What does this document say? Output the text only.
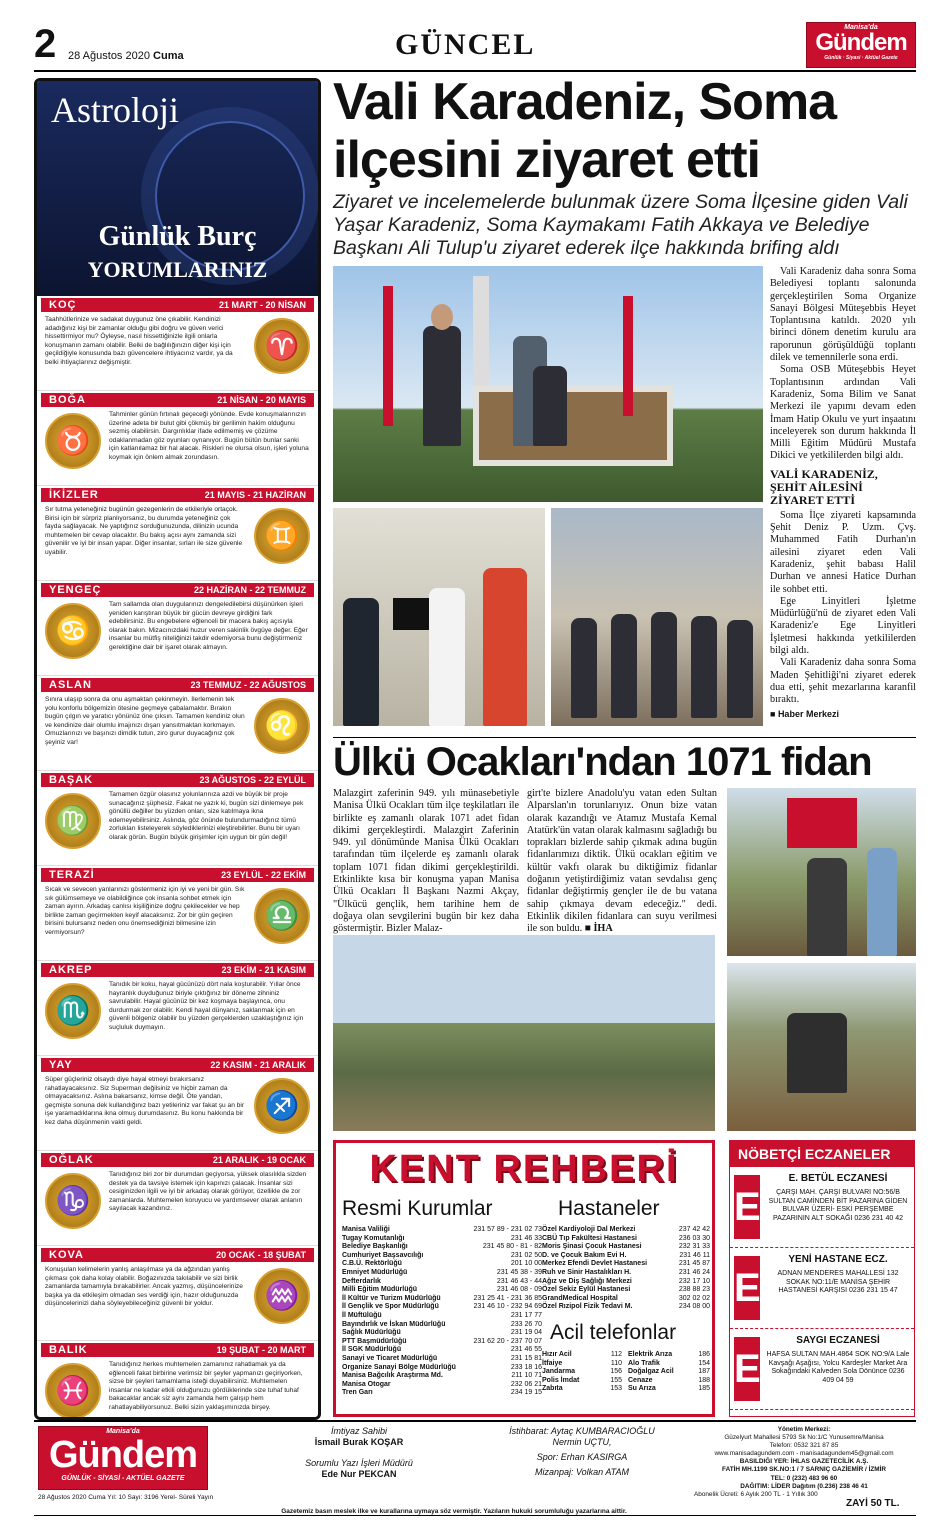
2 28 Ağustos 2020 Cuma	GÜNCEL
Manisa'da
Gündem
Günlük · Siyasi · Aktüel Gazete
Astroloji
Günlük Burç
YORUMLARINIZ
KOÇ	21 MART - 20 NİSAN
♈
Taahhütlerinize ve sadakat duygunuz öne çıkabilir. Kendinizi adadığınız kişi bir zamanlar olduğu gibi doğru ve güven verici hissettirmiyor mu? Öyleyse, nasıl hissettiğinizle ilgili onlarla konuşmanın zamanı olabilir. Belki de bağlılığınızın diğer kişi için geçildiğiyle konusunda bazı güvencelere ihtiyacınız vardır, ya da belki ihtiyaçlarınız değişmiştir.
BOĞA	21 NİSAN - 20 MAYIS
♉
Tahminler günün fırtınalı geçeceği yönünde. Evde konuşmalarınızın üzerine adeta bir bulut gibi çökmüş bir gerilimin hakim olduğunu sezmiş olabilirsin. Dargınlıklar ifade edilmemiş ve çözüme odaklanmadan göz oyunları oynanıyor. Bugün bütün bunlar sanki için katlanılamaz bir hal alacak. Riskleri ne olursa olsun, işleri yoluna koymak için önlem almak zorundasın.
İKİZLER	21 MAYIS - 21 HAZİRAN
♊
Sır tutma yeteneğiniz bugünün gezegenlerin de etkileriyle ortaçok. Birisi için bir sürpriz planlıyorsanız, bu durumda yeteneğiniz çok fayda sağlayacak. Ne yaptığınız sorduğunuzunda, dilinizin ucunda muhtemelen bir cevap olacaktır. Bu bakış açısı aynı zamanda sizi güvenilir ve iyi bir insan yapar. Diğer insanlar, sırları ile size güvenle uyabilir.
YENGEÇ	22 HAZİRAN - 22 TEMMUZ
♋
Tam sallamda olan duygularınızı dengeledilebirsi düşünürken işleri yeniden karıştıran büyük bir gücün devreye girdiğini fark edebilirsiniz. Bu engebelere eğlenceli bir macera bakış açısıyla olarak bakın. Mizacınızdaki huzur veren sakinlik övgüye değer. Eğer insanlar bu mütfiş niteliğinizi takdir edemiyorsa bunu değiştirmeniz gerektiğine dair bir işaret olarak almayın.
ASLAN	23 TEMMUZ - 22 AĞUSTOS
♌
Sınıra ulaşıp sonra da onu aşmaktan çekinmeyin. İlerlemenin tek yolu konforlu bölgemizin ötesine geçmeye çabalamaktır. Bırakın bugün çılgın ve yaratıcı yönünüz öne çıksın. Tamamen kendiniz olun ve kendinize dair olumlu imajınızı dışarı yansıtmaktan korkmayın. Omuzlarınızı ve başınızı dimdik tutun, ziro gurur duyacağınız çok şeyiniz var!
BAŞAK	23 AĞUSTOS - 22 EYLÜL
♍
Tamamen özgür olasınız yolunlarınıza azdi ve büyük bir proje sunacağınız şüphesiz. Fakat ne yazık ki, bugün sizi dinlemeye pek gönüllü değiller bu yüzden onları, size katılmaya ikna edemeyebilirsiniz. Aslında, göz önünde bulundurmadığınız tümü zorlukları listeleyerek söylediklerinizi eleştirebilirler. Bunu bir uyarı olarak görün. Bugün büyük girişimler için uygun bir gün değil!
TERAZİ	23 EYLÜL - 22 EKİM
♎
Sıcak ve sevecen yanlarınızı göstermeniz için iyi ve yeni bir gün. Sık sık gülümsemeye ve olabildiğince çok insanla sohbet etmek için zaman ayırın. Arkadaş canlısı kişiliğinize doğru çekilecekler ve hep birlikte zaman geçirmekten keyif alacaksınız. Zor bir gün geçiren birisini bulursanız neden onu önemsediğinizi bilmesine izin vermiyorsun?
AKREP	23 EKİM - 21 KASIM
♏
Tanıdık bir koku, hayal gücünüzü dört nala koşturabilir. Yıllar önce hayranlık duyduğunuz biriyle çıktığınız bir döneme zihniniz savrulabilir. Hayal gücünüz bir kez koşmaya başlayınca, onu durdurmak zor olabilir. Kendi hayal dünyanız, saklanmak için en güvenli bölgeniz olabilir bu yüzden gerçeklerden uzaklaştığınız için suçluluk duymayın.
YAY	22 KASIM - 21 ARALIK
♐
Süper güçleriniz olsaydı diye hayal etmeyi bırakırsanız rahatlayacaksınız. Siz Superman değilsiniz ve hiçbir zaman da olmayacaksınız. Aslına bakarsanız, kimse değil. Öte yandan, geçmişte sonuna dek kullandığınız bazı yetileriniz var fakat şu an bir işe yaramadıklarına ikna olmuş durumdasınız. Bu konu hakkında bir kez daha düşünmenin vakti geldi.
OĞLAK	21 ARALIK - 19 OCAK
♑
Tanıdığınız biri zor bir durumdan geçiyorsa, yüksek olasılıkla sizden destek ya da tavsiye istemek için kapınızı çalacak. İnsanlar sizi cesiginizden ilgili ve iyi bir arkadaş olarak görüyor, özellikle de zor zamanlarda. Muhtemelen koruyucu ve yardımsever olarak anlanın sayılacak kazandınız.
KOVA	20 OCAK - 18 ŞUBAT
♒
Konuşulan kelimelerin yanlış anlaşılması ya da ağzından yanlış çıkması çok daha kolay olabilir. Boğazınızda takılabilir ve sizi birlik zamanlarda tamamıyla bırakabilirler. Ancak yazmış, düşüncelerinize başka ya da etkileşim olmadan ses verdiği için, hazır olduğunuzda düşüncelerinizi daha söyleyebileceğiniz güvenli bir yoldur.
BALIK	19 ŞUBAT - 20 MART
♓
Tanıdığınız herkes muhtemelen zamanınız rahatlamak ya da eğlenceli fakat birbirine verimsiz bir şeyler yapmanızı geçiriyorken, sizse bir şeyleri tamamlama isteği duyabilirsiniz. Muhtemelen insanlar ne kadar etkili olduğunuzu gördüklerinde size tuhaf tuhaf bakacaklar ancak siz aynı zamanda hem çalışıp hem rahatlayabiliyorsunuz. Belki sizin yaklaşımınızda birşey.
Vali Karadeniz, Soma
ilçesini ziyaret etti
Ziyaret ve incelemelerde bulunmak üzere Soma İlçesine giden Vali Yaşar Karadeniz, Soma Kaymakamı Fatih Akkaya ve Belediye Başkanı Ali Tulup'u ziyaret ederek ilçe hakkında brifing aldı

Vali Karadeniz daha sonra Soma Belediyesi toplantı salonunda gerçekleştirilen Soma Organize Sanayi Bölgesi Müteşebbis Heyet Toplantısına katıldı. 2020 yılı birinci dönem denetim kurulu ara raporunun görüşüldüğü toplantı dilek ve temennilerle sona erdi.

Soma OSB Müteşebbis Heyet Toplantısının ardından Vali Karadeniz, Soma Bilim ve Sanat Merkezi ile yapımı devam eden İmam Hatip Okulu ve yurt inşaatını inceleyerek son durum hakkında İl Milli Eğitim Müdürü Mustafa Dikici ve yetkililerden bilgi aldı.

VALİ KARADENİZ, ŞEHİT AİLESİNİ ZİYARET ETTİ

Soma İlçe ziyareti kapsamında Şehit Deniz P. Uzm. Çvş. Muhammed Fatih Durhan'ın ailesini ziyaret eden Vali Karadeniz, şehit babası Halil Durhan ve annesi Hatice Durhan ile sohbet etti.

Ege Linyitleri İşletme Müdürlüğü'nü de ziyaret eden Vali Karadeniz'e Ege Linyitleri İşletmesi hakkında yetkililerden bilgi aldı.

Vali Karadeniz daha sonra Soma Maden Şehitliği'ni ziyaret ederek dua etti, şehit mezarlarına karanfil bıraktı.

■ Haber Merkezi
Ülkü Ocakları'ndan 1071 fidan
Malazgirt zaferinin 949. yılı münasebetiyle Manisa Ülkü Ocakları tüm ilçe teşkilatları ile birlikte eş zamanlı olarak 1071 adet fidan dikimi gerçekleştirdi. Malazgirt Zaferinin 949. yıl dönümünde Manisa Ülkü Ocakları tarafından tüm ilçelerde eş zamanlı olarak toplam 1071 fidan dikimi gerçekleştirildi. Etkinlikte kısa bir konuşma yapan Manisa Ülkü Ocakları İl Başkanı Nazmi Akçay, "Ülkücü gençlik, hem tarihine hem de doğaya olan sevgilerini bugün bir kez daha göstermiştir. Bizler Malaz-
girt'te bizlere Anadolu'yu vatan eden Sultan Alparslan'ın torunlarıyız. Onun bize vatan olarak kazandığı ve Atamız Mustafa Kemal Atatürk'ün vatan olarak kalmasını sağladığı bu toprakları bizlerde sahip çıkmak adına bugün fidanlarımızı diktik. Ülkü ocakları eğitim ve kültür vakfı olarak bu diktiğimiz fidanlar doğanın yetiştirdiğimiz vatan sevdalısı genç fidanlar değiştirmiş gençler ile de bu vatana sahip çıkmaya devam edeceğiz." dedi. Etkinlik dikilen fidanlara can suyu verilmesi ile son buldu. ■ İHA
KENT REHBERİ
Resmi Kurumlar	Hastaneler
Manisa Valiliği	231 57 89 - 231 02 73
Tugay Komutanlığı	231 46 33
Belediye Başkanlığı	231 45 80 - 81 - 82
Cumhuriyet Başsavcılığı	231 02 50
C.B.Ü. Rektörlüğü	201 10 00
Emniyet Müdürlüğü	231 45 38 - 39
Defterdarlık	231 46 43 - 44
Milli Eğitim Müdürlüğü	231 46 08 - 09
İl Kültür ve Turizm Müdürlüğü	231 25 41 - 231 36 85
İl Gençlik ve Spor Müdürlüğü	231 46 10 - 232 94 69
İl Müftülüğü	231 17 77
Bayındırlık ve İskan Müdürlüğü	233 26 70
Sağlık Müdürlüğü	231 19 04
PTT Başmüdürlüğü	231 62 20 - 237 70 07
İl SGK Müdürlüğü	231 46 55
Sanayi ve Ticaret Müdürlüğü	231 15 81
Organize Sanayi Bölge Müdürlüğü	233 18 16
Manisa Bağcılık Araştırma Md.	211 10 71
Manisa Otogar	232 06 21
Tren Garı	234 19 15
Özel Kardiyoloji Dal Merkezi	237 42 42
CBÜ Tıp Fakültesi Hastanesi	236 03 30
Moris Şinasi Çocuk Hastanesi	232 31 33
D. ve Çocuk Bakım Evi H.	231 46 11
Merkez Efendi Devlet Hastanesi	231 45 87
Ruh ve Sinir Hastalıkları H.	231 46 24
Ağız ve Diş Sağlığı Merkezi	232 17 10
Özel Sekiz Eylül Hastanesi	238 88 23
GrandMedical Hospital	302 02 02
Özel Rızipol Fizik Tedavi M.	234 08 00
Acil telefonlar
Hızır Acil	112
İtfaiye	110
Jandarma	156
Polis İmdat	155
Zabıta	153
Elektrik Arıza	186
Alo Trafik	154
Doğalgaz Acil	187
Cenaze	188
Su Arıza	185
NÖBETÇİ ECZANELER
E
E. BETÜL ECZANESİ
ÇARŞI MAH. ÇARŞI BULVARI NO:56/B SULTAN CAMİNDEN BİT PAZARINA GİDEN BULVAR ÜZERİ- ESKİ PERŞEMBE PAZARININ ALT SOKAĞI 0236 231 40 42
E
YENİ HASTANE ECZ.
ADNAN MENDERES MAHALLESİ 132 SOKAK NO:11/E MANİSA ŞEHİR HASTANESİ KARŞISI 0236 231 15 47
E
SAYGI ECZANESİ
HAFSA SULTAN MAH.4864 SOK NO:9/A Lale Kavşağı Aşağısı, Yolcu Kardeşler Market Ara Sokağındaki Kalveden Sola Dönünce 0236 409 04 59
Manisa'da
Gündem
GÜNLÜK - SİYASİ - AKTÜEL GAZETE
28 Ağustos 2020 Cuma Yıl: 10 Sayı: 3196 Yerel- Süreli Yayın
İmtiyaz Sahibi
İsmail Burak KOŞAR
Sorumlu Yazı İşleri Müdürü
Ede Nur PEKCAN
İstihbarat: Aytaç KUMBARACIOĞLU
Nermin UÇTU,
Spor: Erhan KASIRGA
Mizanpaj: Volkan ATAM
Yönetim Merkezi:
Güzelyurt Mahallesi 5793 Sk No:1/C Yunusemre/Manisa
Telefon: 0532 321 87 85
www.manisadagundem.com - manisadagundem45@gmail.com
BASILDIĞI YER: İHLAS GAZETECİLİK A.Ş.
FATİH MH.1199 SK.NO:1 / 7 SARNIÇ GAZİEMİR / İZMİR
TEL: 0 (232) 483 96 60
DAĞITIM: LİDER Dağıtım (0.236) 238 46 41
Abonelik Ücreti: 6 Aylık 200 TL - 1 Yıllık 300
ZAYİ 50 TL.
Gazetemiz basın meslek ilke ve kurallarına uymaya söz vermiştir. Yazıların hukuki sorumluluğu yazarlarına aittir.
